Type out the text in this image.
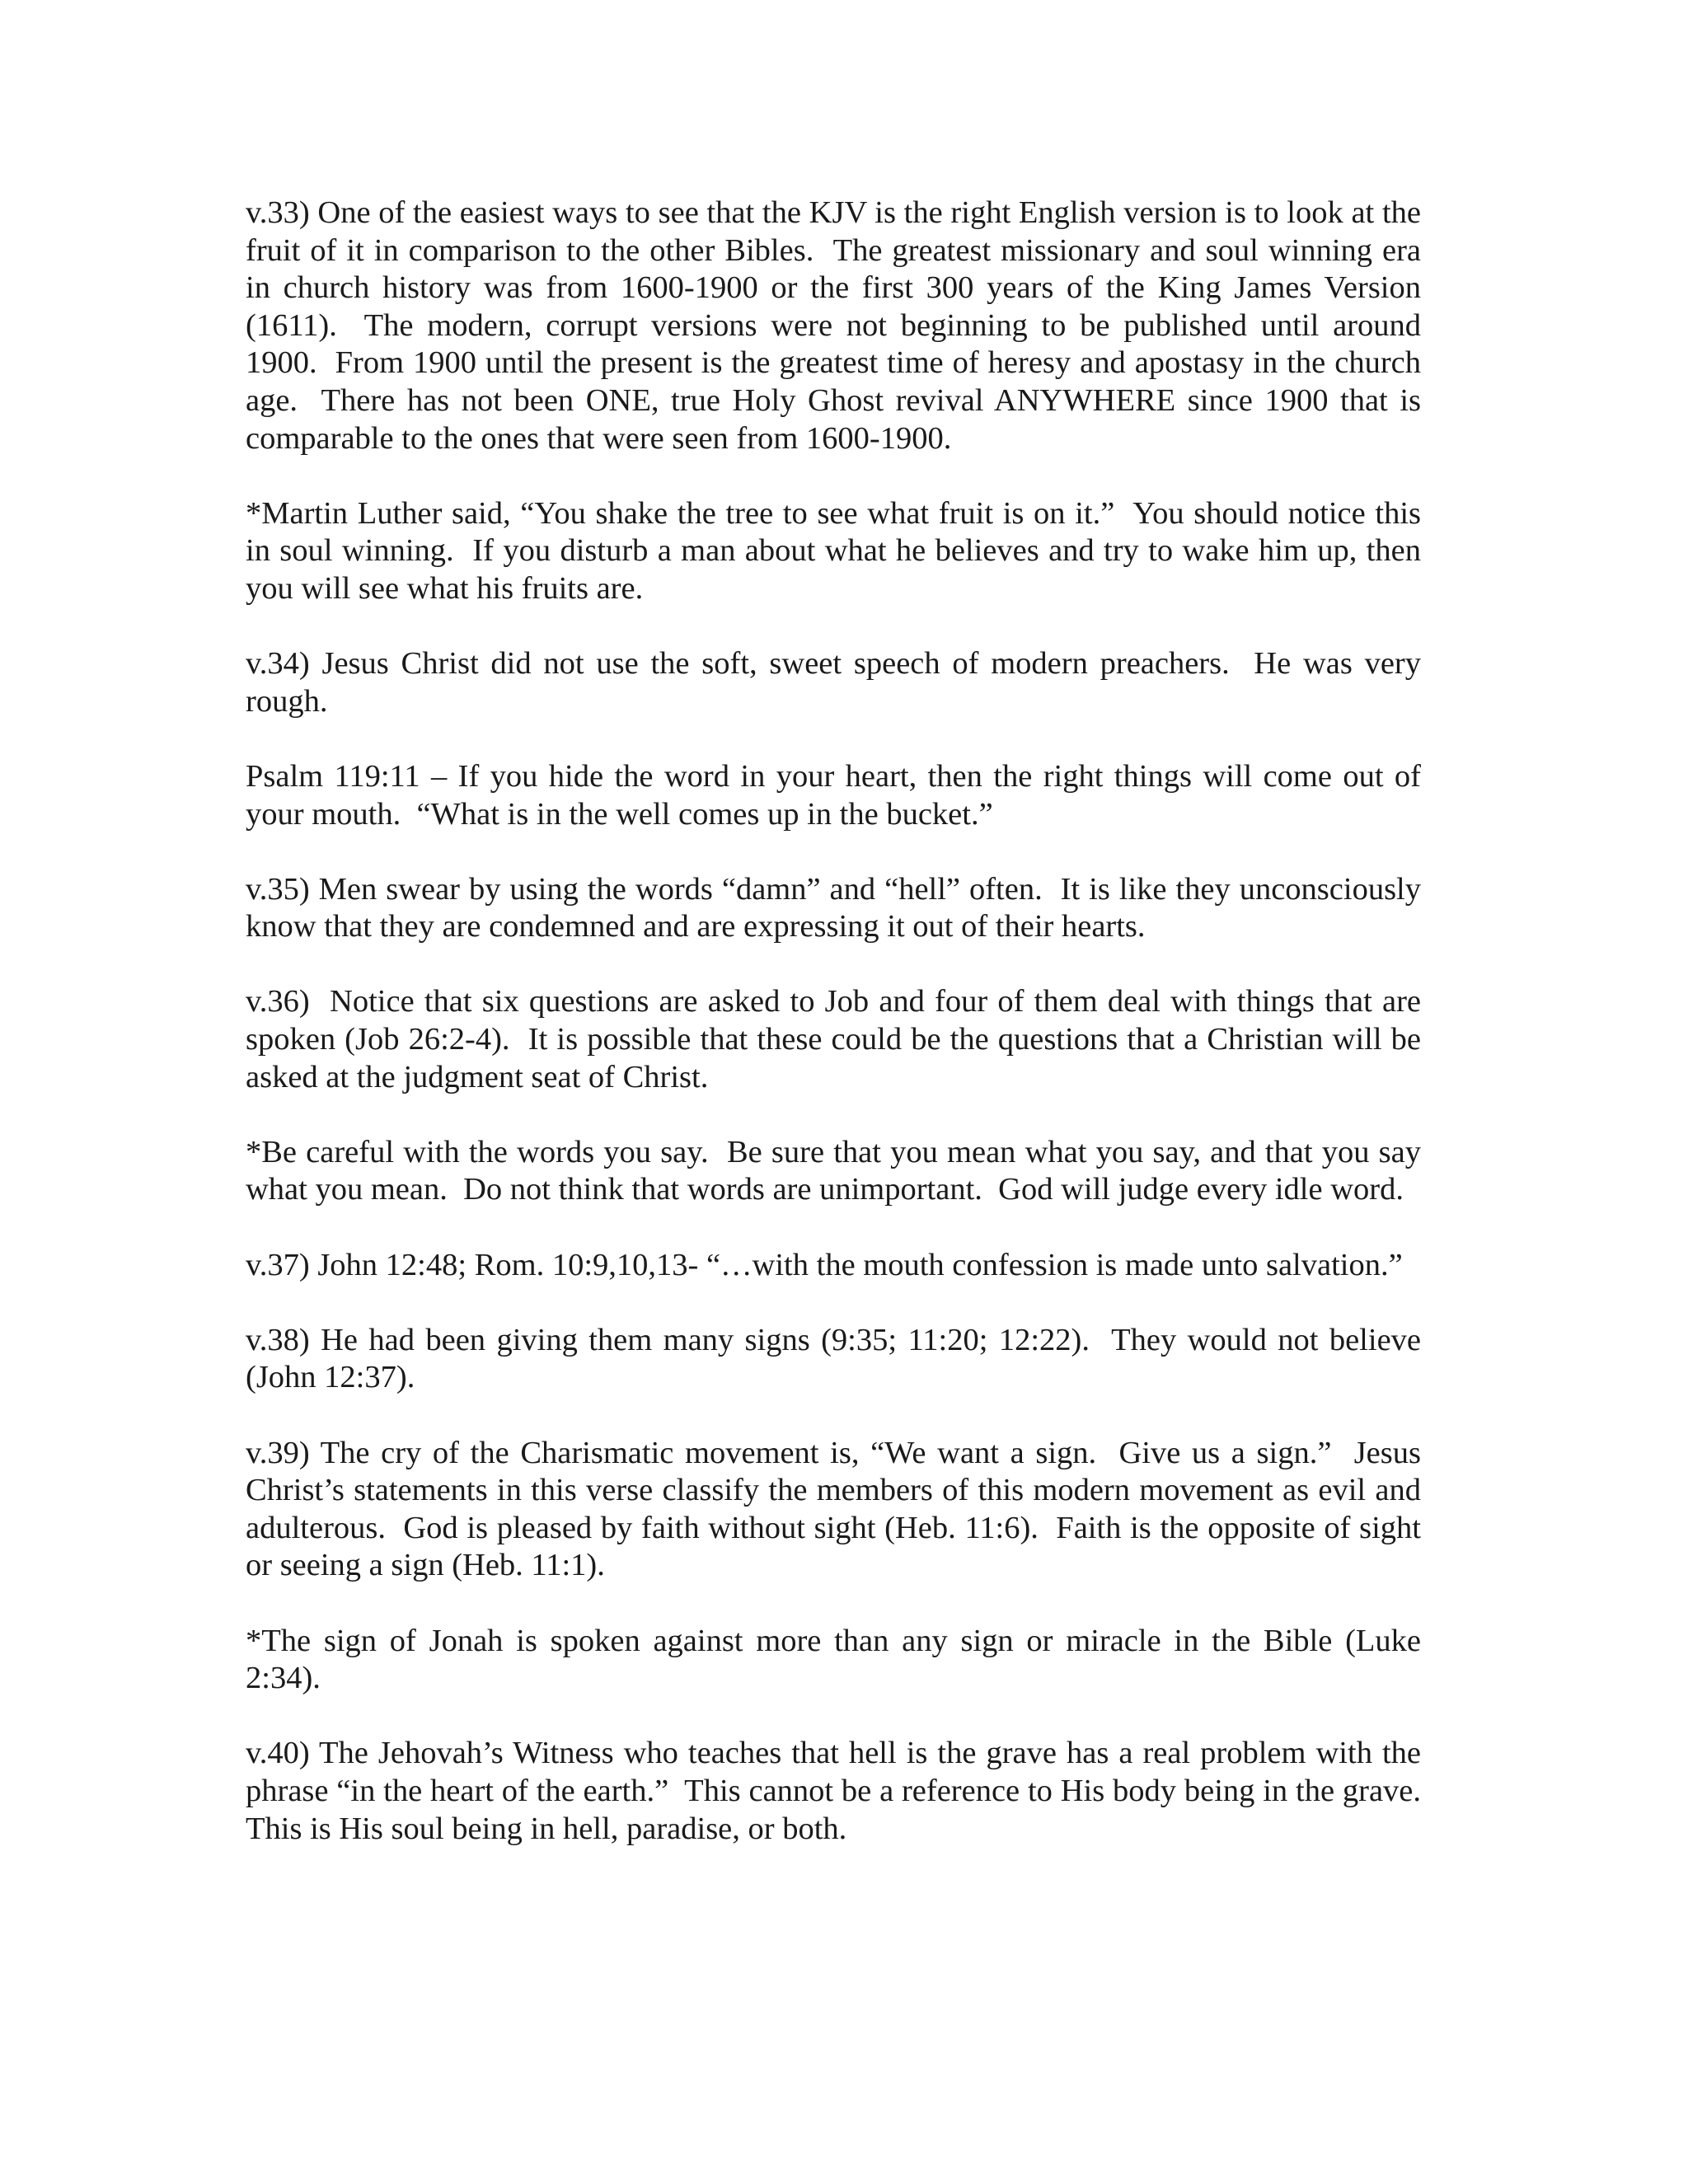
v.33) One of the easiest ways to see that the KJV is the right English version is to look at the fruit of it in comparison to the other Bibles.  The greatest missionary and soul winning era in church history was from 1600-1900 or the first 300 years of the King James Version (1611).  The modern, corrupt versions were not beginning to be published until around 1900.  From 1900 until the present is the greatest time of heresy and apostasy in the church age.  There has not been ONE, true Holy Ghost revival ANYWHERE since 1900 that is comparable to the ones that were seen from 1600-1900.

*Martin Luther said, “You shake the tree to see what fruit is on it.”  You should notice this in soul winning.  If you disturb a man about what he believes and try to wake him up, then you will see what his fruits are.

v.34) Jesus Christ did not use the soft, sweet speech of modern preachers.  He was very rough.

Psalm 119:11 – If you hide the word in your heart, then the right things will come out of your mouth.  “What is in the well comes up in the bucket.”

v.35) Men swear by using the words “damn” and “hell” often.  It is like they unconsciously know that they are condemned and are expressing it out of their hearts.

v.36)  Notice that six questions are asked to Job and four of them deal with things that are spoken (Job 26:2-4).  It is possible that these could be the questions that a Christian will be asked at the judgment seat of Christ.

*Be careful with the words you say.  Be sure that you mean what you say, and that you say what you mean.  Do not think that words are unimportant.  God will judge every idle word.

v.37) John 12:48; Rom. 10:9,10,13- “…with the mouth confession is made unto salvation.”

v.38) He had been giving them many signs (9:35; 11:20; 12:22).  They would not believe (John 12:37).

v.39) The cry of the Charismatic movement is, “We want a sign.  Give us a sign.”  Jesus Christ’s statements in this verse classify the members of this modern movement as evil and adulterous.  God is pleased by faith without sight (Heb. 11:6).  Faith is the opposite of sight or seeing a sign (Heb. 11:1).

*The sign of Jonah is spoken against more than any sign or miracle in the Bible (Luke 2:34).

v.40) The Jehovah’s Witness who teaches that hell is the grave has a real problem with the phrase “in the heart of the earth.”  This cannot be a reference to His body being in the grave.  This is His soul being in hell, paradise, or both.
